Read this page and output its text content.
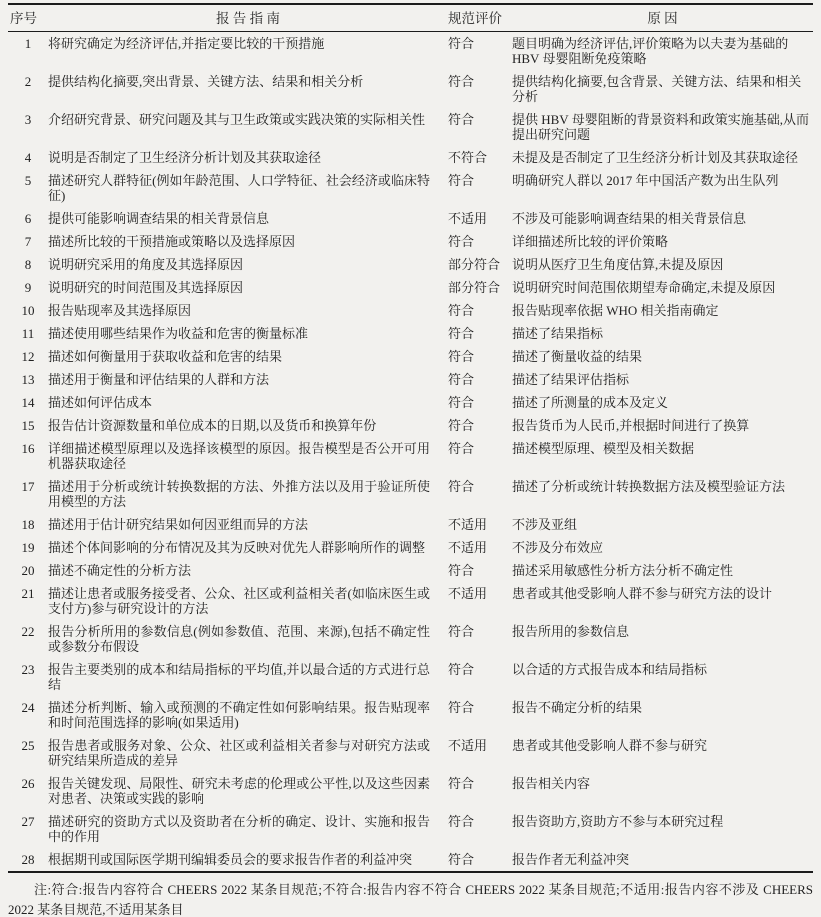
序号	报 告 指 南	规范评价	原 因
1	将研究确定为经济评估,并指定要比较的干预措施	符合	题目明确为经济评估,评价策略为以夫妻为基础的 HBV 母婴阻断免疫策略
2	提供结构化摘要,突出背景、关键方法、结果和相关分析	符合	提供结构化摘要,包含背景、关键方法、结果和相关分析
3	介绍研究背景、研究问题及其与卫生政策或实践决策的实际相关性	符合	提供 HBV 母婴阻断的背景资料和政策实施基础,从而提出研究问题
4	说明是否制定了卫生经济分析计划及其获取途径	不符合	未提及是否制定了卫生经济分析计划及其获取途径
5	描述研究人群特征(例如年龄范围、人口学特征、社会经济或临床特征)	符合	明确研究人群以 2017 年中国活产数为出生队列
6	提供可能影响调查结果的相关背景信息	不适用	不涉及可能影响调查结果的相关背景信息
7	描述所比较的干预措施或策略以及选择原因	符合	详细描述所比较的评价策略
8	说明研究采用的角度及其选择原因	部分符合	说明从医疗卫生角度估算,未提及原因
9	说明研究的时间范围及其选择原因	部分符合	说明研究时间范围依期望寿命确定,未提及原因
10	报告贴现率及其选择原因	符合	报告贴现率依据 WHO 相关指南确定
11	描述使用哪些结果作为收益和危害的衡量标准	符合	描述了结果指标
12	描述如何衡量用于获取收益和危害的结果	符合	描述了衡量收益的结果
13	描述用于衡量和评估结果的人群和方法	符合	描述了结果评估指标
14	描述如何评估成本	符合	描述了所测量的成本及定义
15	报告估计资源数量和单位成本的日期,以及货币和换算年份	符合	报告货币为人民币,并根据时间进行了换算
16	详细描述模型原理以及选择该模型的原因。报告模型是否公开可用机器获取途径	符合	描述模型原理、模型及相关数据
17	描述用于分析或统计转换数据的方法、外推方法以及用于验证所使用模型的方法	符合	描述了分析或统计转换数据方法及模型验证方法
18	描述用于估计研究结果如何因亚组而异的方法	不适用	不涉及亚组
19	描述个体间影响的分布情况及其为反映对优先人群影响所作的调整	不适用	不涉及分布效应
20	描述不确定性的分析方法	符合	描述采用敏感性分析方法分析不确定性
21	描述让患者或服务接受者、公众、社区或利益相关者(如临床医生或支付方)参与研究设计的方法	不适用	患者或其他受影响人群不参与研究方法的设计
22	报告分析所用的参数信息(例如参数值、范围、来源),包括不确定性或参数分布假设	符合	报告所用的参数信息
23	报告主要类别的成本和结局指标的平均值,并以最合适的方式进行总结	符合	以合适的方式报告成本和结局指标
24	描述分析判断、输入或预测的不确定性如何影响结果。报告贴现率和时间范围选择的影响(如果适用)	符合	报告不确定分析的结果
25	报告患者或服务对象、公众、社区或利益相关者参与对研究方法或研究结果所造成的差异	不适用	患者或其他受影响人群不参与研究
26	报告关键发现、局限性、研究未考虑的伦理或公平性,以及这些因素对患者、决策或实践的影响	符合	报告相关内容
27	描述研究的资助方式以及资助者在分析的确定、设计、实施和报告中的作用	符合	报告资助方,资助方不参与本研究过程
28	根据期刊或国际医学期刊编辑委员会的要求报告作者的利益冲突	符合	报告作者无利益冲突

注:符合:报告内容符合 CHEERS 2022 某条目规范;不符合:报告内容不符合 CHEERS 2022 某条目规范;不适用:报告内容不涉及 CHEERS 2022 某条目规范,不适用某条目
